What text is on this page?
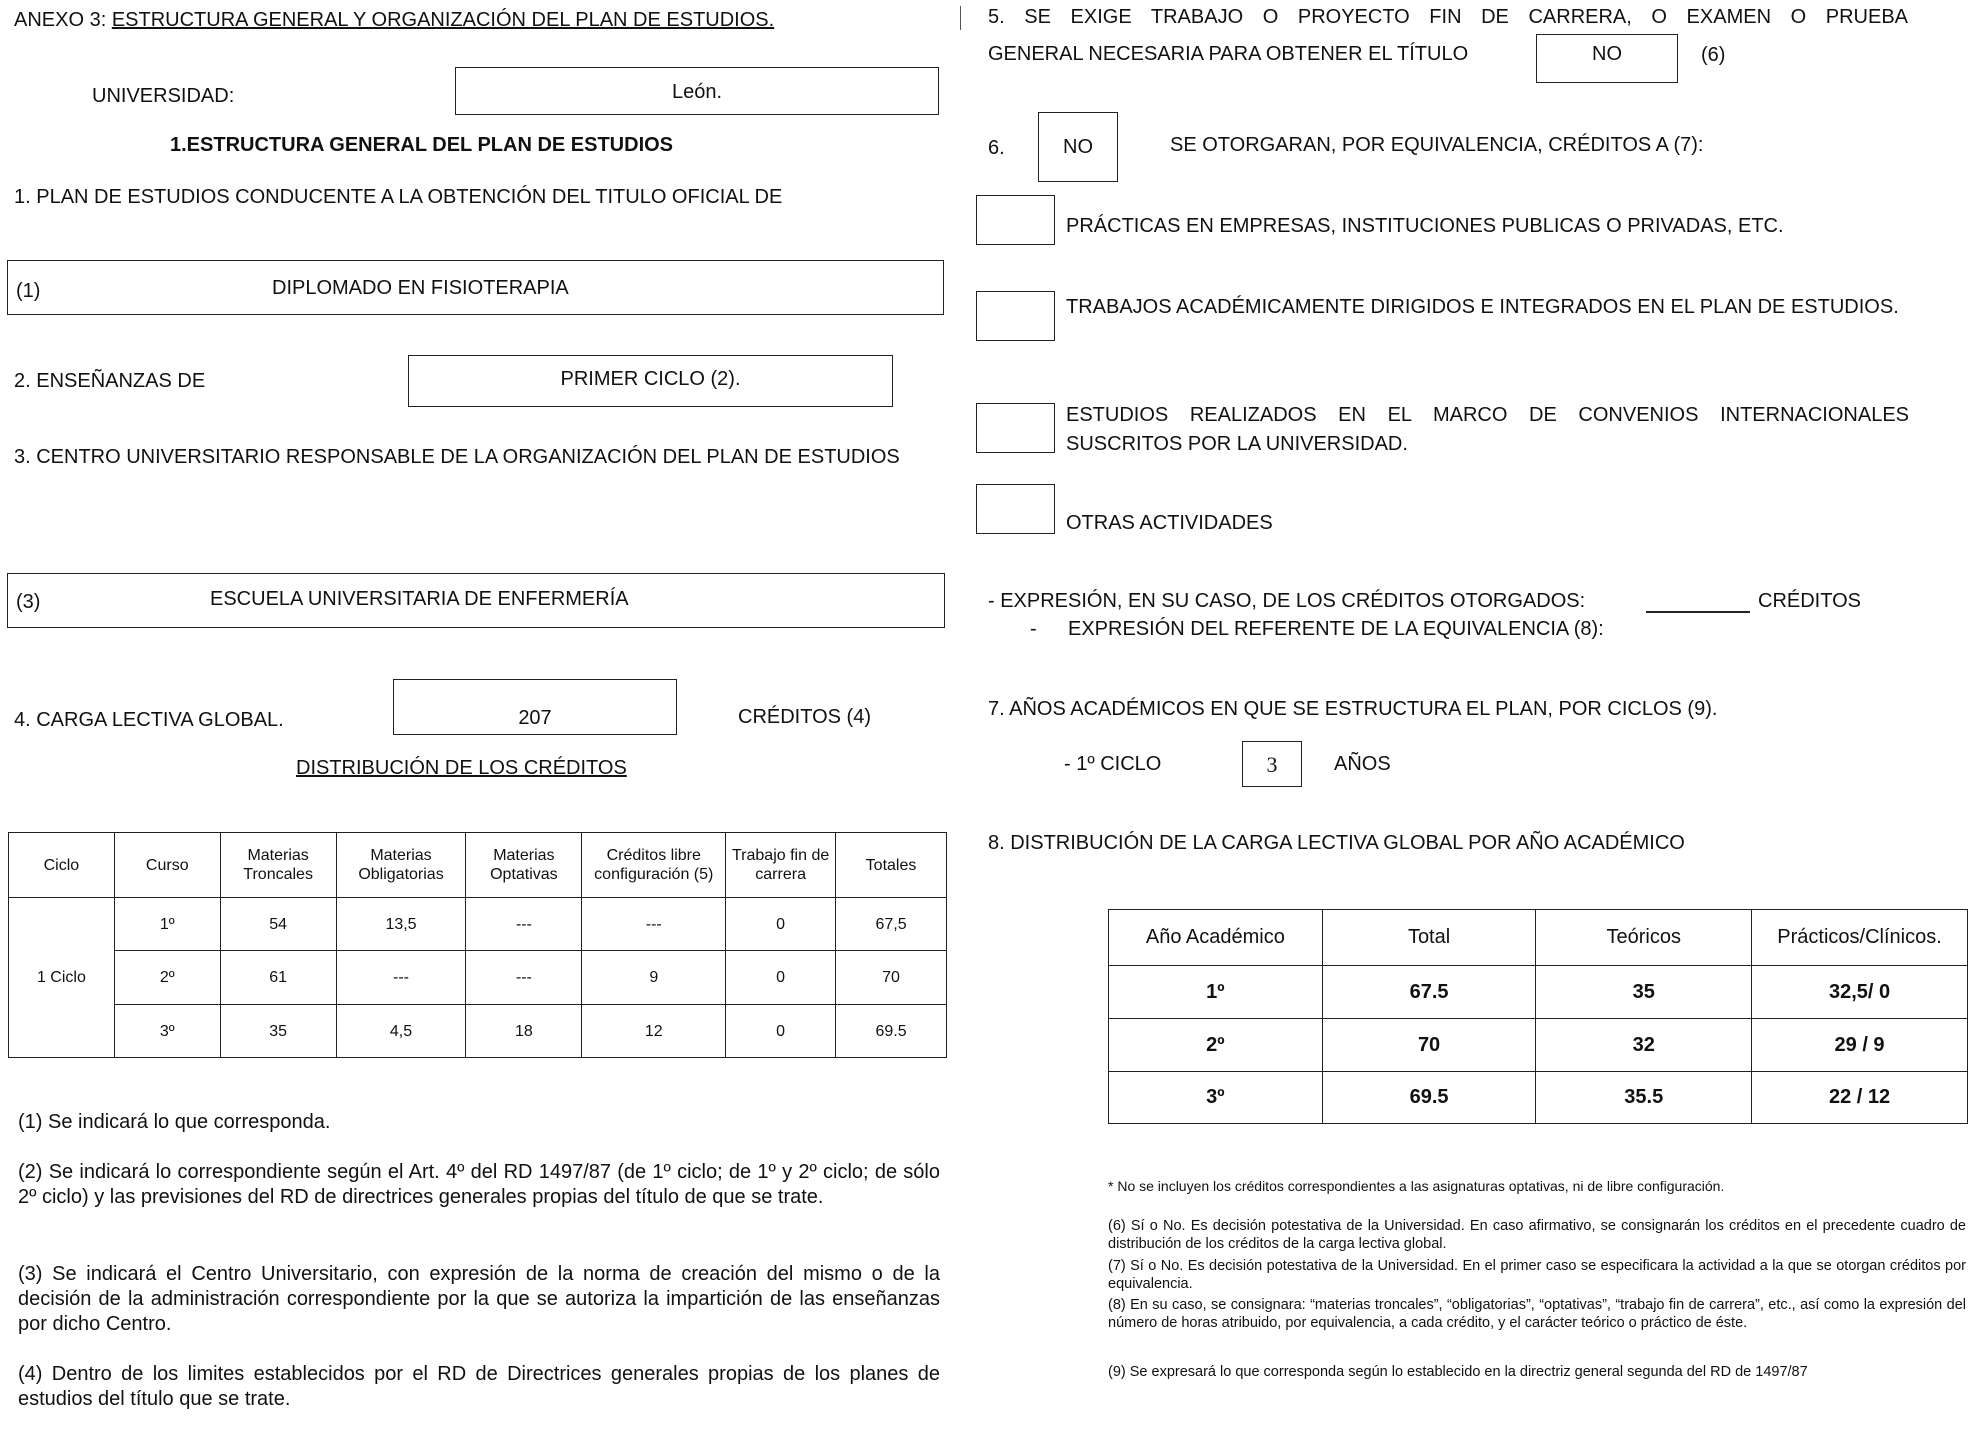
ANEXO 3: ESTRUCTURA GENERAL Y ORGANIZACIÓN DEL PLAN DE ESTUDIOS.
UNIVERSIDAD:	León.
1.ESTRUCTURA GENERAL DEL PLAN DE ESTUDIOS
1. PLAN DE ESTUDIOS CONDUCENTE A LA OBTENCIÓN DEL TITULO OFICIAL DE
(1)	DIPLOMADO EN FISIOTERAPIA
2. ENSEÑANZAS DE	PRIMER CICLO (2).
3. CENTRO UNIVERSITARIO RESPONSABLE DE LA ORGANIZACIÓN DEL PLAN DE ESTUDIOS
(3)	ESCUELA UNIVERSITARIA DE ENFERMERÍA
4. CARGA LECTIVA GLOBAL.	207	CRÉDITOS (4)
DISTRIBUCIÓN DE LOS CRÉDITOS
Ciclo	Curso	Materias Troncales	Materias Obligatorias	Materias Optativas	Créditos libre configuración (5)	Trabajo fin de carrera	Totales
1 Ciclo	1º	54	13,5	---	---	0	67,5
	2º	61	---	---	9	0	70
	3º	35	4,5	18	12	0	69.5
(1) Se indicará lo que corresponda.
(2) Se indicará lo correspondiente según el Art. 4º del RD 1497/87 (de 1º ciclo; de 1º y 2º ciclo; de sólo 2º ciclo) y las previsiones del RD de directrices generales propias del título de que se trate.
(3) Se indicará el Centro Universitario, con expresión de la norma de creación del mismo o de la decisión de la administración correspondiente por la que se autoriza la impartición de las enseñanzas por dicho Centro.
(4) Dentro de los limites establecidos por el RD de Directrices generales propias de los planes de estudios del título que se trate.
5. SE EXIGE TRABAJO O PROYECTO FIN DE CARRERA, O EXAMEN O PRUEBA
GENERAL NECESARIA PARA OBTENER EL TÍTULO	NO	(6)
6.	NO	SE OTORGARAN, POR EQUIVALENCIA, CRÉDITOS A (7):
PRÁCTICAS EN EMPRESAS, INSTITUCIONES PUBLICAS O PRIVADAS, ETC.
TRABAJOS ACADÉMICAMENTE DIRIGIDOS E INTEGRADOS EN EL PLAN DE ESTUDIOS.
ESTUDIOS REALIZADOS EN EL MARCO DE CONVENIOS INTERNACIONALES SUSCRITOS POR LA UNIVERSIDAD.
OTRAS ACTIVIDADES
- EXPRESIÓN, EN SU CASO, DE LOS CRÉDITOS OTORGADOS:	CRÉDITOS
- EXPRESIÓN DEL REFERENTE DE LA EQUIVALENCIA (8):
7. AÑOS ACADÉMICOS EN QUE SE ESTRUCTURA EL PLAN, POR CICLOS (9).
- 1º CICLO	3	AÑOS
8. DISTRIBUCIÓN DE LA CARGA LECTIVA GLOBAL POR AÑO ACADÉMICO
Año Académico	Total	Teóricos	Prácticos/Clínicos.
1º	67.5	35	32,5/ 0
2º	70	32	29 / 9
3º	69.5	35.5	22 / 12
* No se incluyen los créditos correspondientes a las asignaturas optativas, ni de libre configuración.
(6) Sí o No. Es decisión potestativa de la Universidad. En caso afirmativo, se consignarán los créditos en el precedente cuadro de distribución de los créditos de la carga lectiva global.
(7) Sí o No. Es decisión potestativa de la Universidad. En el primer caso se especificara la actividad a la que se otorgan créditos por equivalencia.
(8) En su caso, se consignara: “materias troncales”, “obligatorias”, “optativas”, “trabajo fin de carrera”, etc., así como la expresión del número de horas atribuido, por equivalencia, a cada crédito, y el carácter teórico o práctico de éste.
(9) Se expresará lo que corresponda según lo establecido en la directriz general segunda del RD de 1497/87
